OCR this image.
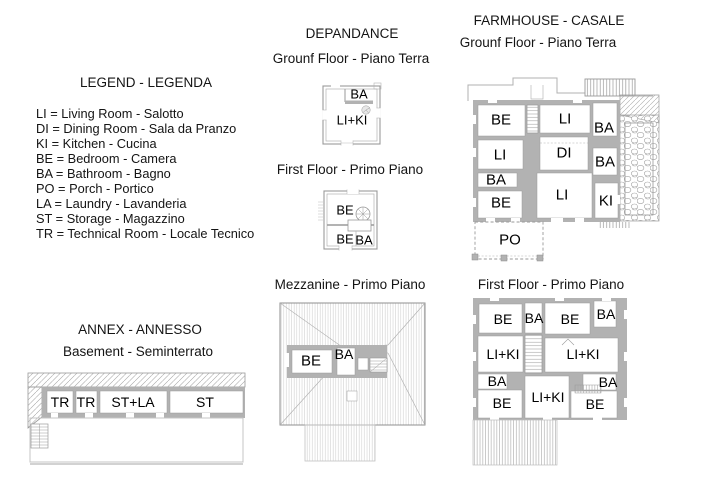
LEGEND - LEGENDA
LI = Living Room - Salotto
DI = Dining Room - Sala da Pranzo
KI = Kitchen - Cucina
BE = Bedroom - Camera
BA = Bathroom - Bagno
PO = Porch - Portico
LA = Laundry - Lavanderia
ST = Storage - Magazzino
TR = Technical Room - Locale Tecnico
DEPANDANCE
Grounf Floor - Piano Terra
First Floor - Primo Piano
FARMHOUSE - CASALE
Grounf Floor - Piano Terra
Mezzanine - Primo Piano	First Floor - Primo Piano
ANNEX - ANNESSO
Basement - Seminterrato
BA
LI+KI
BE
BE BA
BE	LI
BA
LI	DI
BA
BA
BE	LI KI
PO
BE BA BE BA
LI+KI	LI+KI
BA	BA
BE LI+KI BE
BE BA
TR TR ST+LA	ST
